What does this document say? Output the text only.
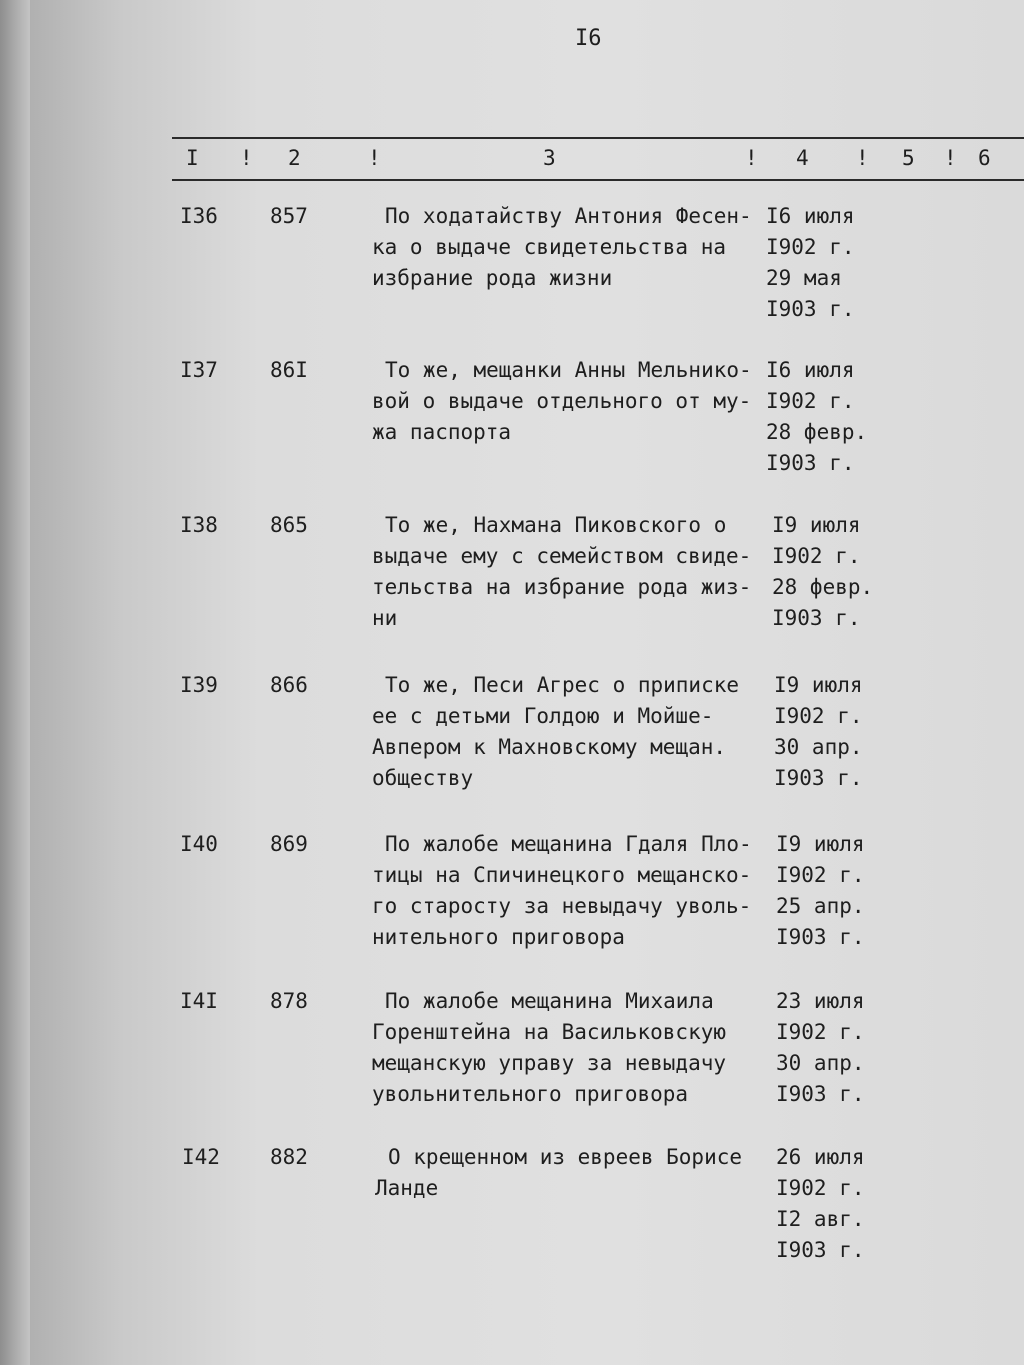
I6
I ! 2	!	3	! 4 ! 5 ! 6
I36 857	По ходатайству Антония Фесен-
ка о выдаче свидетельства на
избрание рода жизни
I6 июля
I902 г.
29 мая
I903 г.
I37 86I	То же, мещанки Анны Мельнико-
вой о выдаче отдельного от му-
жа паспорта
I6 июля
I902 г.
28 февр.
I903 г.
I38 865	То же, Нахмана Пиковского о
выдаче ему с семейством свиде-
тельства на избрание рода жиз-
ни
I9 июля
I902 г.
28 февр.
I903 г.
I39 866	То же, Песи Агрес о приписке
ее с детьми Голдою и Мойше-
Авпером к Махновскому мещан.
обществу
I9 июля
I902 г.
30 апр.
I903 г.
I40 869	По жалобе мещанина Гдаля Пло-
тицы на Спичинецкого мещанско-
го старосту за невыдачу уволь-
нительного приговора
I9 июля
I902 г.
25 апр.
I903 г.
I4I 878	По жалобе мещанина Михаила
Горенштейна на Васильковскую
мещанскую управу за невыдачу
увольнительного приговора
23 июля
I902 г.
30 апр.
I903 г.
I42 882	О крещенном из евреев Борисе
Ланде
26 июля
I902 г.
I2 авг.
I903 г.
